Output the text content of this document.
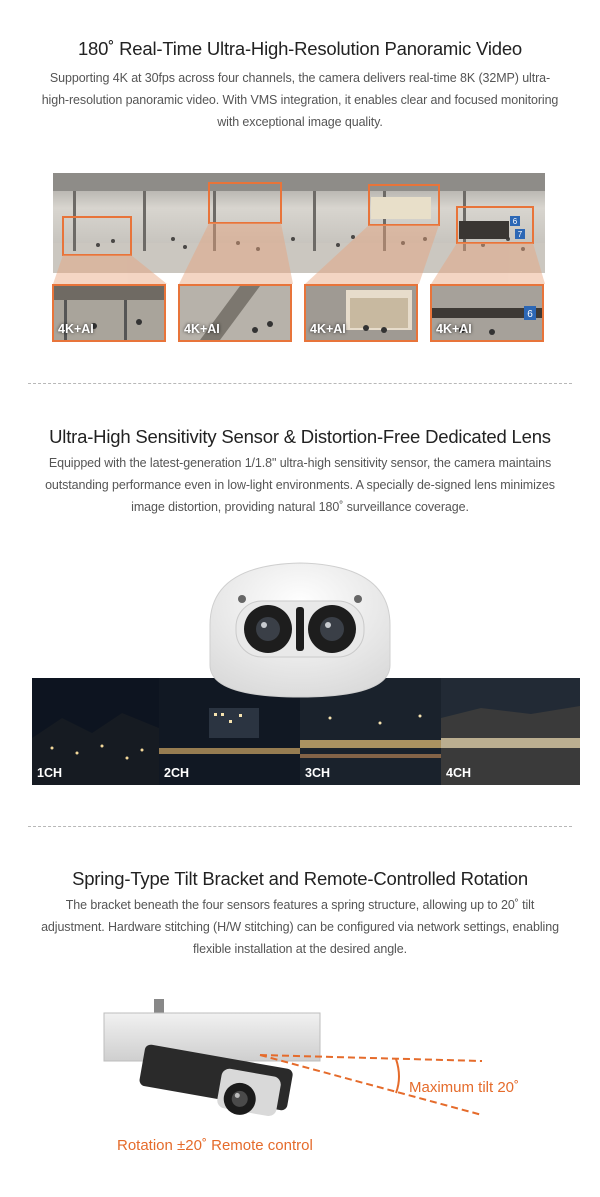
180˚ Real-Time Ultra-High-Resolution Panoramic Video
Supporting 4K at 30fps across four channels, the camera delivers real-time 8K (32MP) ultra-high-resolution panoramic video. With VMS integration, it enables clear and focused monitoring with exceptional image quality.
6
7
4K+AI	4K+AI	4K+AI
6
4K+AI
Ultra-High Sensitivity Sensor & Distortion-Free Dedicated Lens
Equipped with the latest-generation 1/1.8" ultra-high sensitivity sensor, the camera maintains outstanding performance even in low-light environments. A specially de-signed lens minimizes image distortion, providing natural 180˚ surveillance coverage.
1CH	2CH	3CH	4CH
Spring-Type Tilt Bracket and Remote-Controlled Rotation
The bracket beneath the four sensors features a spring structure, allowing up to 20˚ tilt adjustment. Hardware stitching (H/W stitching) can be configured via network settings, enabling flexible installation at the desired angle.
Maximum tilt 20˚
Rotation ±20˚ Remote control
